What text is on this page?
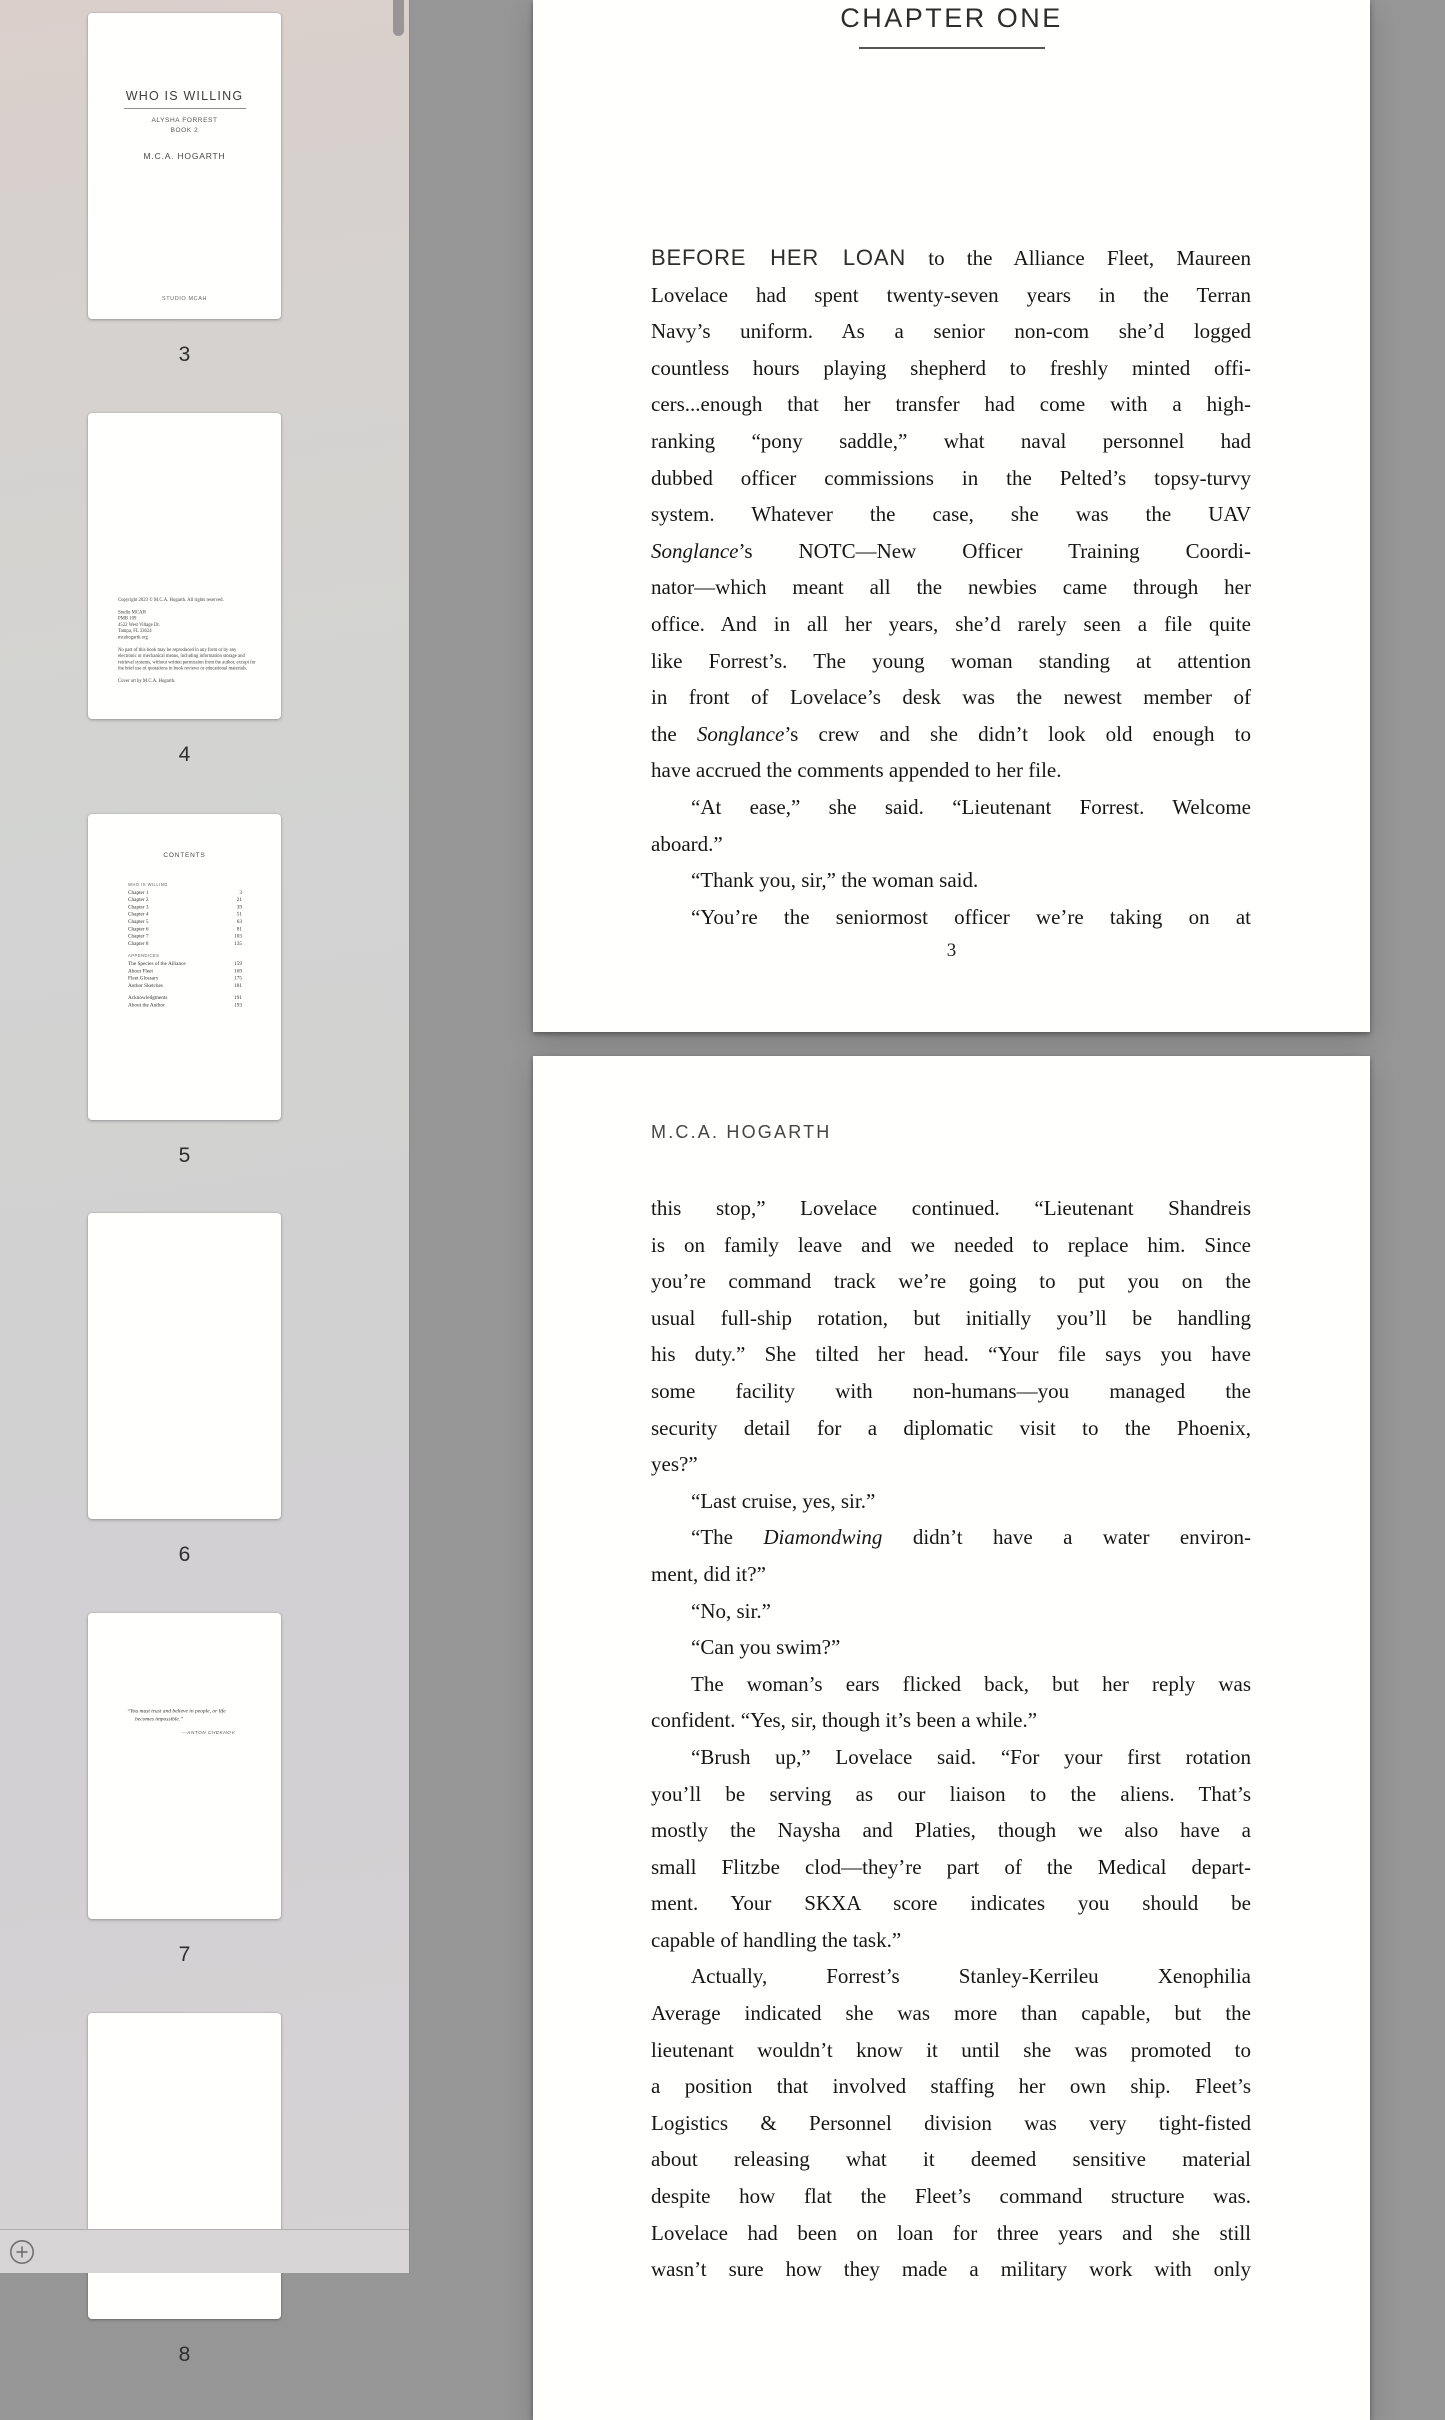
WHO IS WILLING
ALYSHA FORREST
BOOK 2
M.C.A. HOGARTH
STUDIO MCAH
3
Copyright 2023 © M.C.A. Hogarth. All rights reserved.
Studio MCAH
PMB 109
4522 West Village Dr.
Tampa, FL 33624
mcahogarth.org
No part of this book may be reproduced in any form or by any electronic or mechanical means, including information storage and retrieval systems, without written permission from the author, except for the brief use of quotations in book reviews or educational materials.
Cover art by M.C.A. Hogarth.
4
CONTENTS
WHO IS WILLING
Chapter 1	3
Chapter 2	21
Chapter 3	39
Chapter 4	51
Chapter 5	63
Chapter 6	81
Chapter 7	103
Chapter 8	135
APPENDICES
The Species of the Alliance	159
About Fleet	169
Fleet Glossary	175
Author Sketches	181
Acknowledgments	191
About the Author	193
5
6
“You must trust and believe in people, or life
becomes impossible.”
—ANTON CHEKHOV
7
8
CHAPTER ONE
BEFORE HER LOAN to the Alliance Fleet, Maureen
Lovelace had spent twenty-seven years in the Terran
Navy’s uniform. As a senior non-com she’d logged
countless hours playing shepherd to freshly minted offi-
cers...enough that her transfer had come with a high-
ranking “pony saddle,” what naval personnel had
dubbed officer commissions in the Pelted’s topsy-turvy
system. Whatever the case, she was the UAV
Songlance’s NOTC—New Officer Training Coordi-
nator—which meant all the newbies came through her
office. And in all her years, she’d rarely seen a file quite
like Forrest’s. The young woman standing at attention
in front of Lovelace’s desk was the newest member of
the Songlance’s crew and she didn’t look old enough to
have accrued the comments appended to her file.
“At ease,” she said. “Lieutenant Forrest. Welcome
aboard.”
“Thank you, sir,” the woman said.
“You’re the seniormost officer we’re taking on at
3
M.C.A. HOGARTH
this stop,” Lovelace continued. “Lieutenant Shandreis
is on family leave and we needed to replace him. Since
you’re command track we’re going to put you on the
usual full-ship rotation, but initially you’ll be handling
his duty.” She tilted her head. “Your file says you have
some facility with non-humans—you managed the
security detail for a diplomatic visit to the Phoenix,
yes?”
“Last cruise, yes, sir.”
“The Diamondwing didn’t have a water environ-
ment, did it?”
“No, sir.”
“Can you swim?”
The woman’s ears flicked back, but her reply was
confident. “Yes, sir, though it’s been a while.”
“Brush up,” Lovelace said. “For your first rotation
you’ll be serving as our liaison to the aliens. That’s
mostly the Naysha and Platies, though we also have a
small Flitzbe clod—they’re part of the Medical depart-
ment. Your SKXA score indicates you should be
capable of handling the task.”
Actually, Forrest’s Stanley-Kerrileu Xenophilia
Average indicated she was more than capable, but the
lieutenant wouldn’t know it until she was promoted to
a position that involved staffing her own ship. Fleet’s
Logistics & Personnel division was very tight-fisted
about releasing what it deemed sensitive material
despite how flat the Fleet’s command structure was.
Lovelace had been on loan for three years and she still
wasn’t sure how they made a military work with only
